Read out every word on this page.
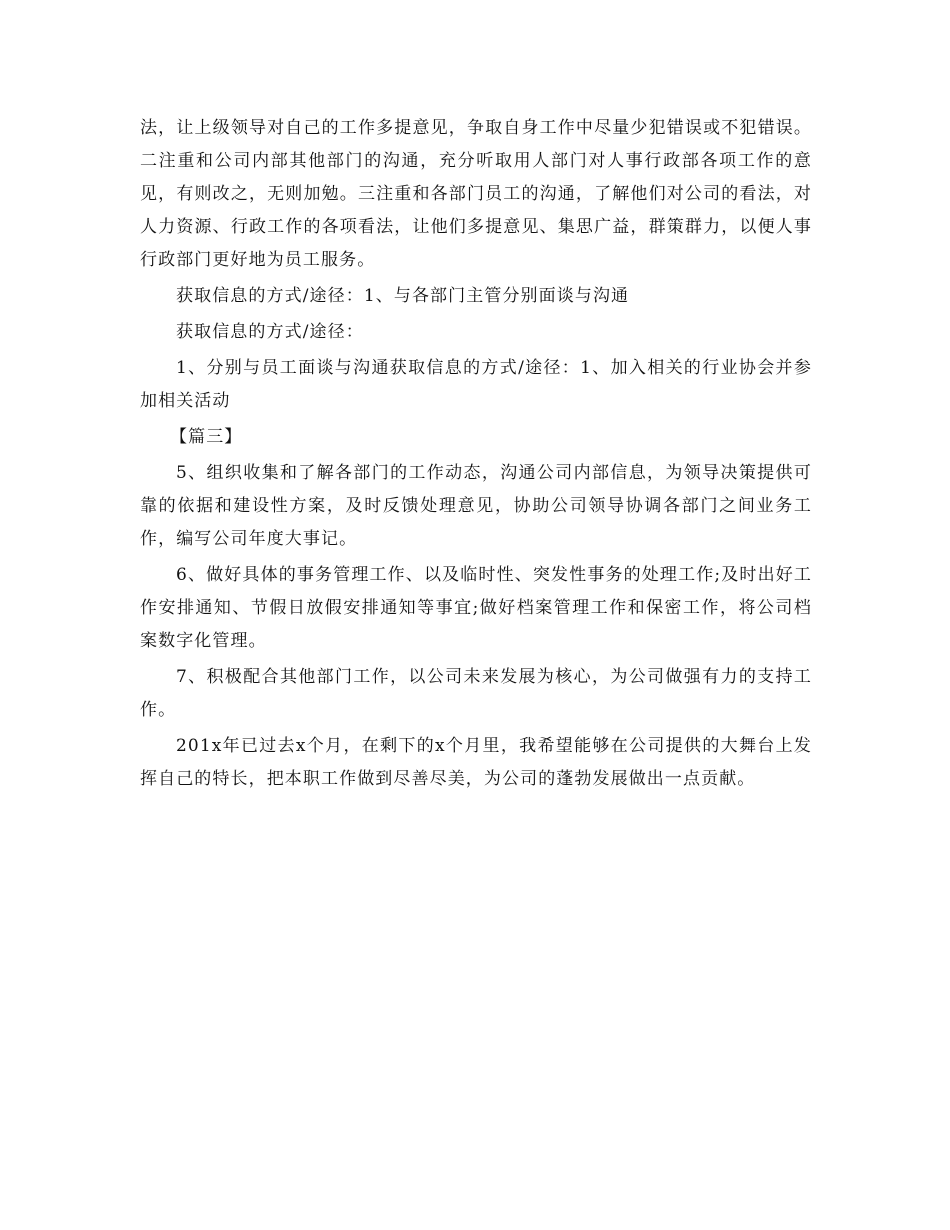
法，让上级领导对自己的工作多提意见，争取自身工作中尽量少犯错误或不犯错误。二注重和公司内部其他部门的沟通，充分听取用人部门对人事行政部各项工作的意见，有则改之，无则加勉。三注重和各部门员工的沟通，了解他们对公司的看法，对人力资源、行政工作的各项看法，让他们多提意见、集思广益，群策群力，以便人事行政部门更好地为员工服务。

获取信息的方式/途径：1、与各部门主管分别面谈与沟通

获取信息的方式/途径：

1、分别与员工面谈与沟通获取信息的方式/途径：1、加入相关的行业协会并参加相关活动

【篇三】

5、组织收集和了解各部门的工作动态，沟通公司内部信息，为领导决策提供可靠的依据和建设性方案，及时反馈处理意见，协助公司领导协调各部门之间业务工作，编写公司年度大事记。

6、做好具体的事务管理工作、以及临时性、突发性事务的处理工作;及时出好工作安排通知、节假日放假安排通知等事宜;做好档案管理工作和保密工作，将公司档案数字化管理。

7、积极配合其他部门工作，以公司未来发展为核心，为公司做强有力的支持工作。

201x年已过去x个月，在剩下的x个月里，我希望能够在公司提供的大舞台上发挥自己的特长，把本职工作做到尽善尽美，为公司的蓬勃发展做出一点贡献。
